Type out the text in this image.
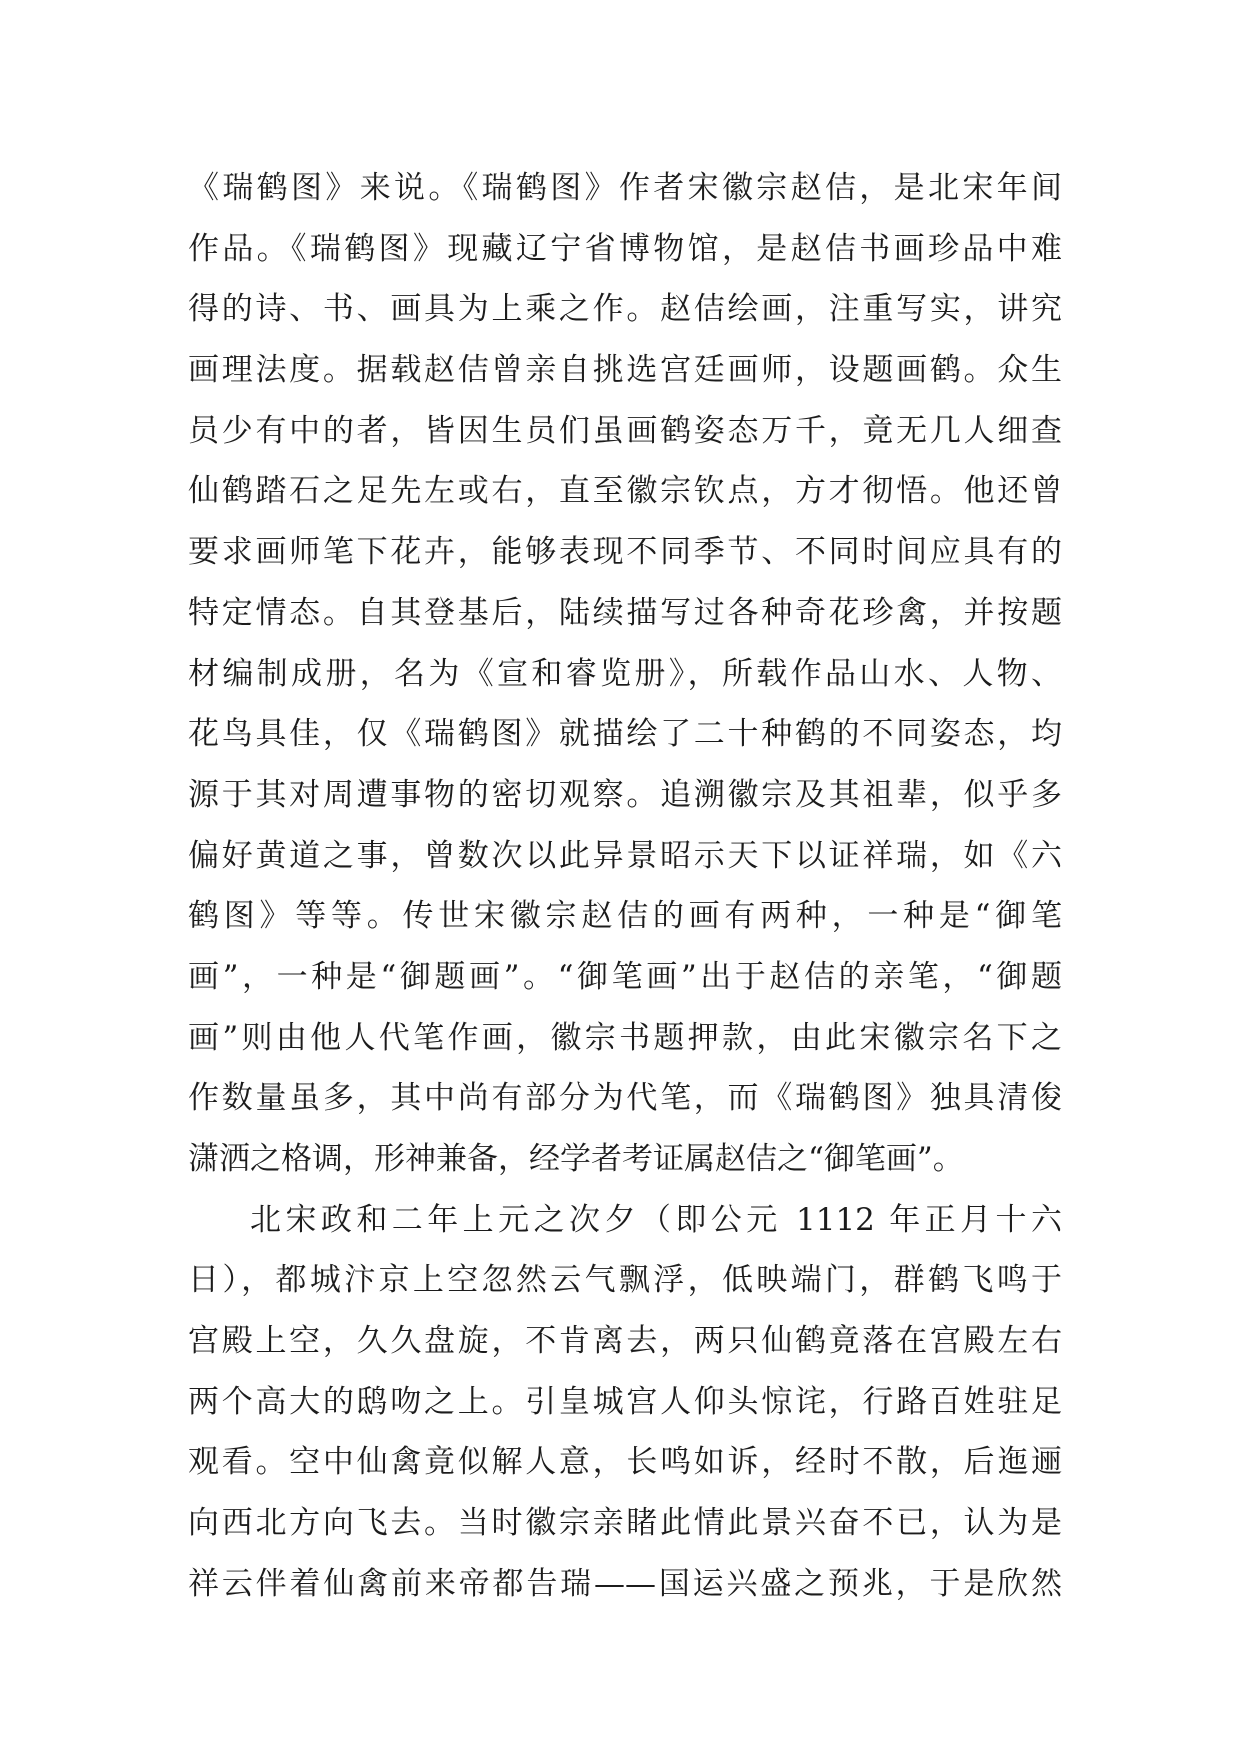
《瑞鹤图》来说。《瑞鹤图》作者宋徽宗赵佶，是北宋年间
作品。《瑞鹤图》现藏辽宁省博物馆，是赵佶书画珍品中难
得的诗、书、画具为上乘之作。赵佶绘画，注重写实，讲究
画理法度。据载赵佶曾亲自挑选宫廷画师，设题画鹤。众生
员少有中的者，皆因生员们虽画鹤姿态万千，竟无几人细查
仙鹤踏石之足先左或右，直至徽宗钦点，方才彻悟。他还曾
要求画师笔下花卉，能够表现不同季节、不同时间应具有的
特定情态。自其登基后，陆续描写过各种奇花珍禽，并按题
材编制成册，名为《宣和睿览册》，所载作品山水、人物、
花鸟具佳，仅《瑞鹤图》就描绘了二十种鹤的不同姿态，均
源于其对周遭事物的密切观察。追溯徽宗及其祖辈，似乎多
偏好黄道之事，曾数次以此异景昭示天下以证祥瑞，如《六
鹤图》等等。传世宋徽宗赵佶的画有两种，一种是“御笔
画”，一种是“御题画”。“御笔画”出于赵佶的亲笔，“御题
画”则由他人代笔作画，徽宗书题押款，由此宋徽宗名下之
作数量虽多，其中尚有部分为代笔，而《瑞鹤图》独具清俊
潇洒之格调，形神兼备，经学者考证属赵佶之“御笔画”。
北宋政和二年上元之次夕（即公元 1112 年正月十六
日），都城汴京上空忽然云气飘浮，低映端门，群鹤飞鸣于
宫殿上空，久久盘旋，不肯离去，两只仙鹤竟落在宫殿左右
两个高大的鸱吻之上。引皇城宫人仰头惊诧，行路百姓驻足
观看。空中仙禽竟似解人意，长鸣如诉，经时不散，后迤逦
向西北方向飞去。当时徽宗亲睹此情此景兴奋不已，认为是
祥云伴着仙禽前来帝都告瑞——国运兴盛之预兆，于是欣然
